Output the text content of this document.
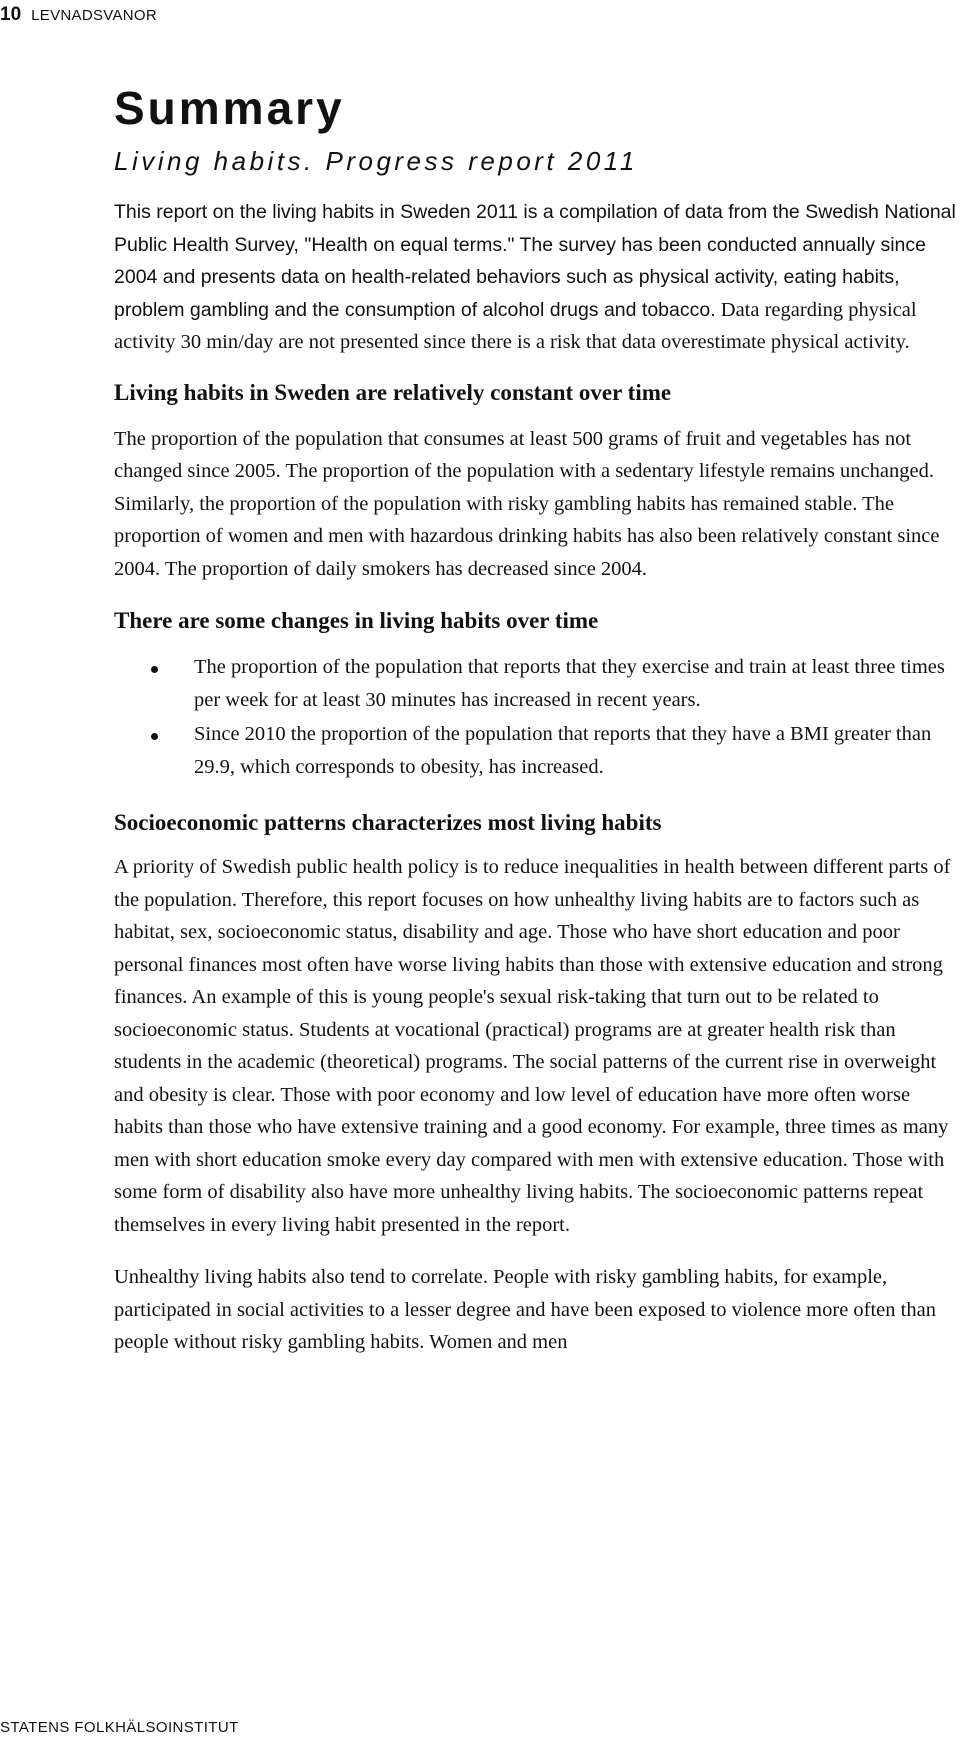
10 LEVNADSVANOR
Summary

Living habits. Progress report 2011

This report on the living habits in Sweden 2011 is a compilation of data from the Swedish National Public Health Survey, "Health on equal terms." The survey has been conducted annually since 2004 and presents data on health-related behaviors such as physical activity, eating habits, problem gambling and the consumption of alcohol drugs and tobacco. Data regarding physical activity 30 min/day are not presented since there is a risk that data overestimate physical activity.

Living habits in Sweden are relatively constant over time

The proportion of the population that consumes at least 500 grams of fruit and vegetables has not changed since 2005. The proportion of the population with a sedentary lifestyle remains unchanged. Similarly, the proportion of the population with risky gambling habits has remained stable. The proportion of women and men with hazardous drinking habits has also been relatively constant since 2004. The proportion of daily smokers has decreased since 2004.

There are some changes in living habits over time
The proportion of the population that reports that they exercise and train at least three times per week for at least 30 minutes has increased in recent years.
Since 2010 the proportion of the population that reports that they have a BMI greater than 29.9, which corresponds to obesity, has increased.
Socioeconomic patterns characterizes most living habits

A priority of Swedish public health policy is to reduce inequalities in health between different parts of the population. Therefore, this report focuses on how unhealthy living habits are to factors such as habitat, sex, socioeconomic status, disability and age. Those who have short education and poor personal finances most often have worse living habits than those with extensive education and strong finances. An example of this is young people's sexual risk-taking that turn out to be related to socioeconomic status. Students at vocational (practical) programs are at greater health risk than students in the academic (theoretical) programs. The social patterns of the current rise in overweight and obesity is clear. Those with poor economy and low level of education have more often worse habits than those who have extensive training and a good economy. For example, three times as many men with short education smoke every day compared with men with extensive education. Those with some form of disability also have more unhealthy living habits. The socioeconomic patterns repeat themselves in every living habit presented in the report.

Unhealthy living habits also tend to correlate. People with risky gambling habits, for example, participated in social activities to a lesser degree and have been exposed to violence more often than people without risky gambling habits. Women and men

STATENS FOLKHÄLSOINSTITUT
